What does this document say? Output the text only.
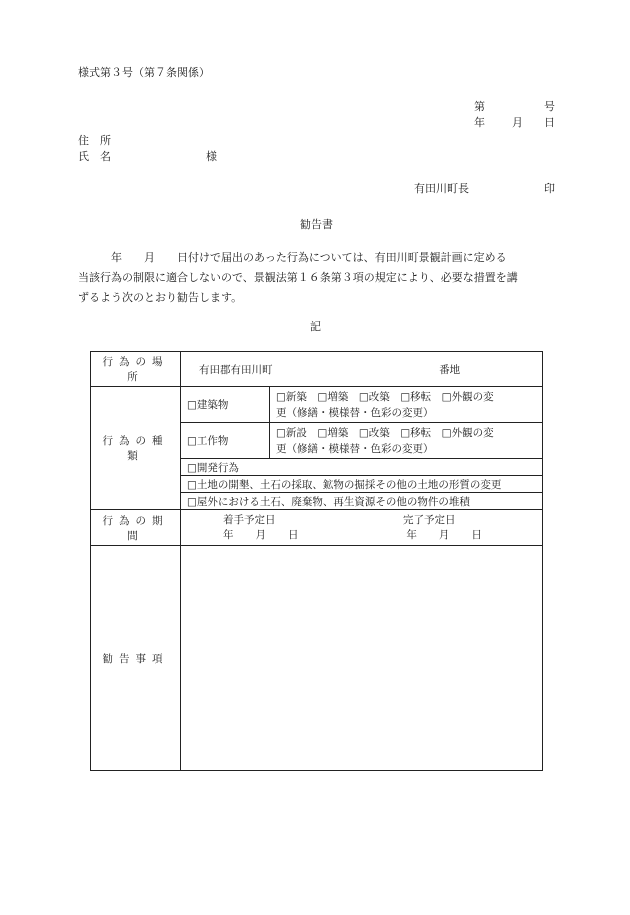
様式第３号（第７条関係）
第	号
年 月 日
住　所
氏　名	様
有田川町長	印
勧告書
　　　年　　月　　日付けで届出のあった行為については、有田川町景観計画に定める
当該行為の制限に適合しないので、景観法第１６条第３項の規定により、必要な措置を講
ずるよう次のとおり勧告します。
記
行為の場所	有田郡有田川町 番地	
行為の種類	□建築物	□新築　□増築　□改築　□移転　□外観の変
更（修繕・模様替・色彩の変更）

	□工作物	□新設　□増築　□改築　□移転　□外観の変
更（修繕・模様替・色彩の変更）

	□開発行為	
	□土地の開墾、土石の採取、鉱物の掘採その他の土地の形質の変更	
	□屋外における土石、廃棄物、再生資源その他の物件の堆積	
行為の期間	着手予定日 完了予定日
年 月 日 年 月 日	

勧告事項		
